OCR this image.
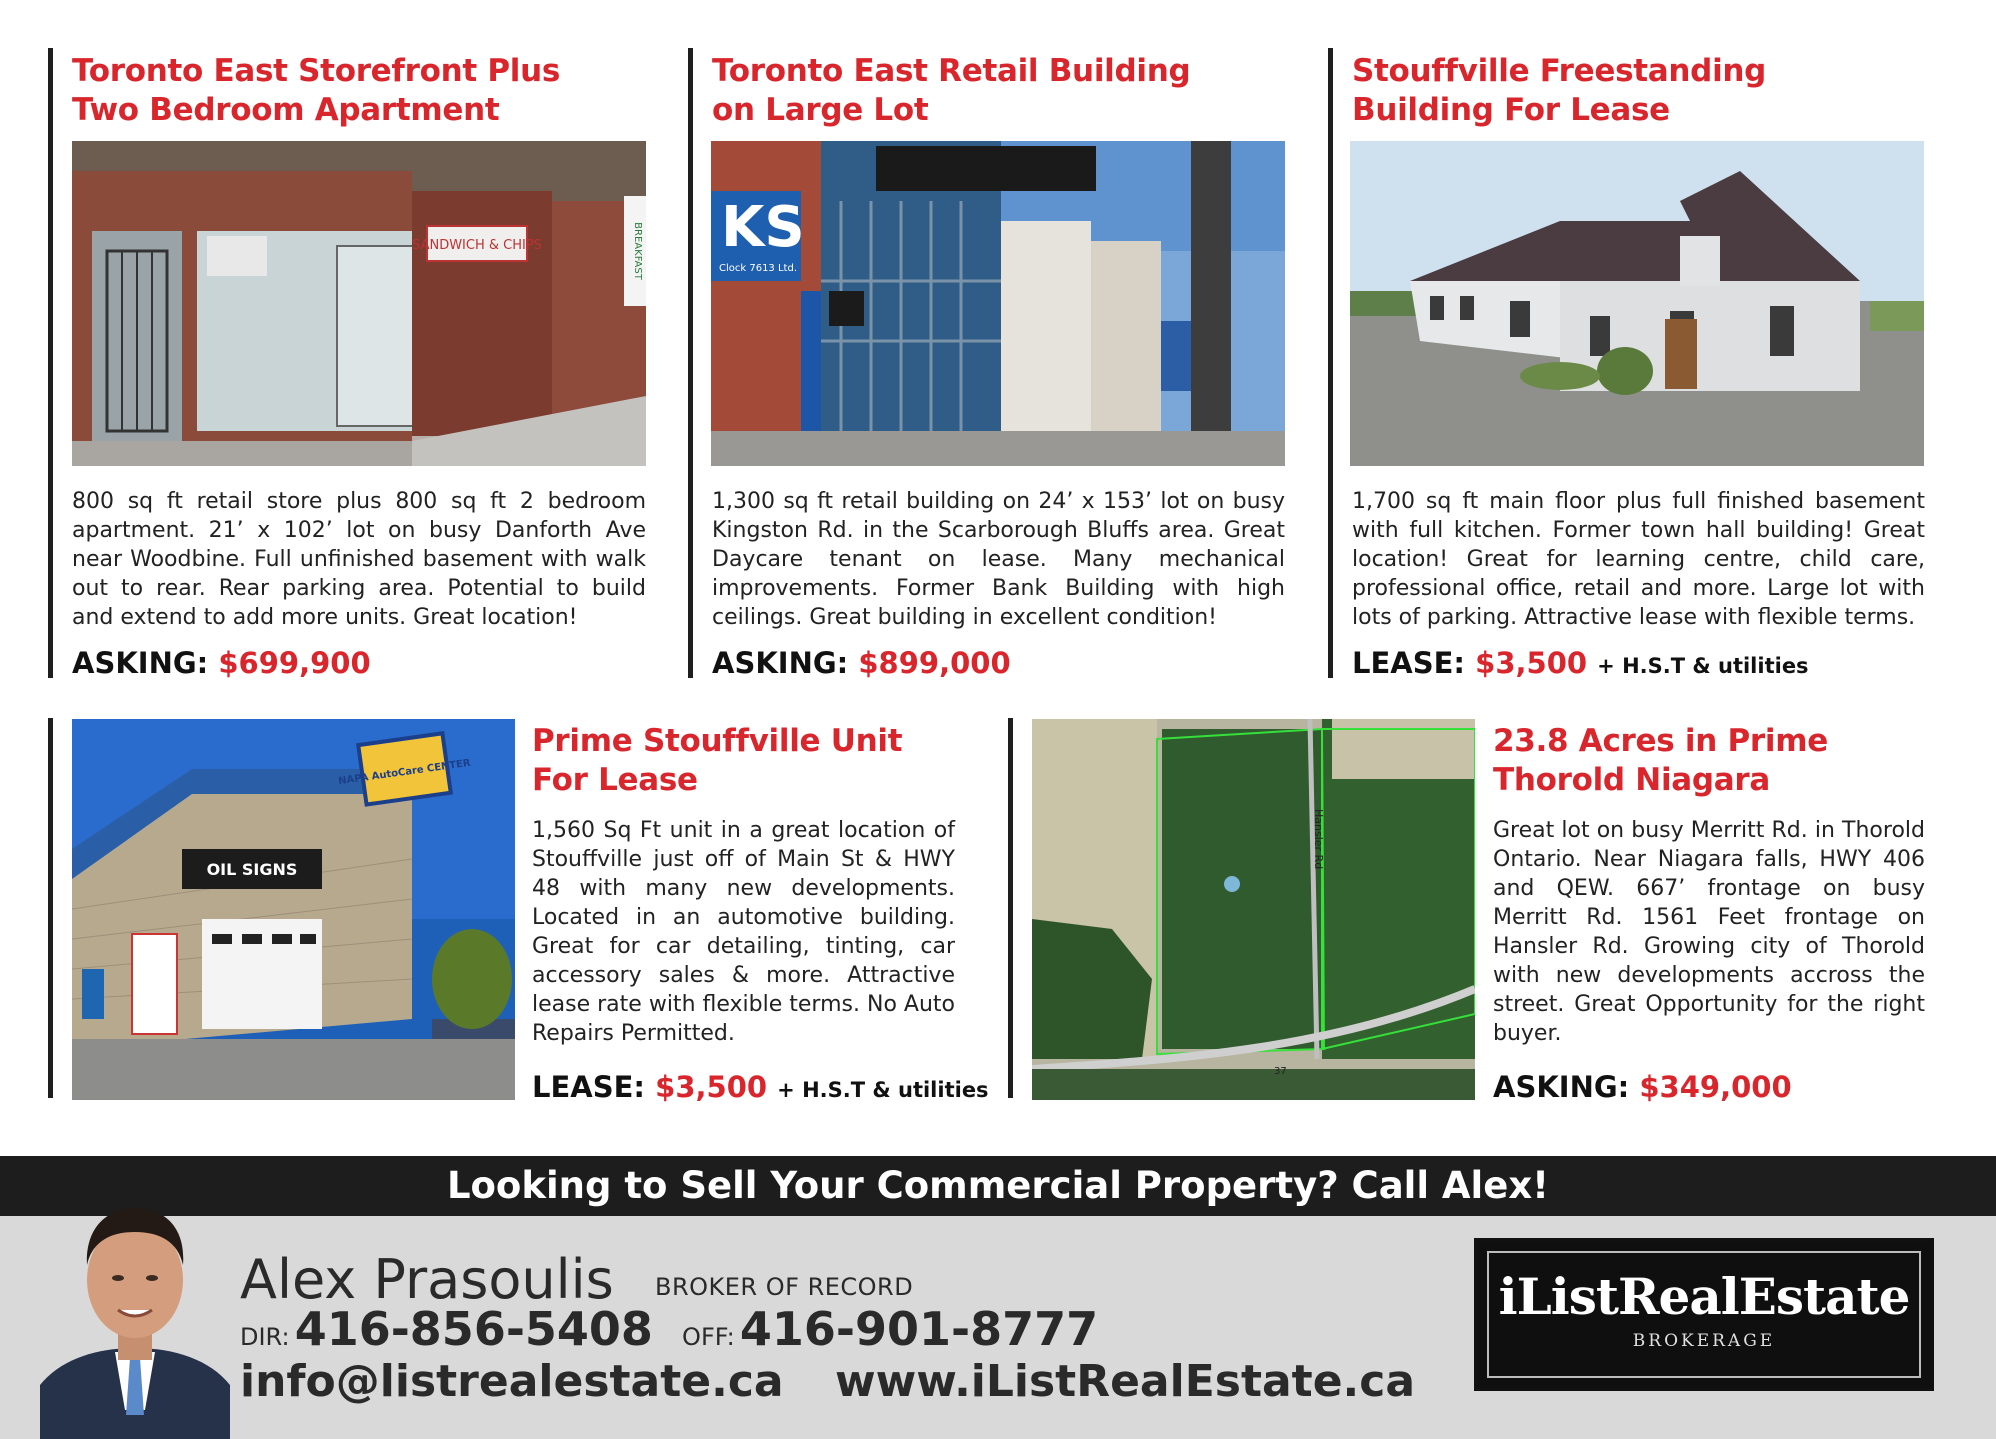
Toronto East Storefront Plus
Two Bedroom Apartment
SANDWICH & CHIPS	BREAKFAST

800 sq ft retail store plus 800 sq ft 2 bedroom apartment. 21’ x 102’ lot on busy Danforth Ave near Woodbine. Full unfinished basement with walk out to rear. Rear parking area. Potential to build and extend to add more units. Great location!

ASKING: $699,900
Toronto East Retail Building
on Large Lot
KS
Clock 7613 Ltd.

1,300 sq ft retail building on 24’ x 153’ lot on busy Kingston Rd. in the Scarborough Bluffs area. Great Daycare tenant on lease. Many mechanical improvements. Former Bank Building with high ceilings. Great building in excellent condition!

ASKING: $899,000
Stouffville Freestanding
Building For Lease

1,700 sq ft main floor plus full finished basement with full kitchen. Former town hall building! Great location! Great for learning centre, child care, professional office, retail and more. Large lot with lots of parking. Attractive lease with flexible terms.

LEASE: $3,500 + H.S.T & utilities
NAPA AutoCare CENTER
OIL SIGNS
Prime Stouffville Unit
For Lease

1,560 Sq Ft unit in a great location of Stouffville just off of Main St & HWY 48 with many new developments. Located in an automotive building. Great for car detailing, tinting, car accessory sales & more. Attractive lease rate with flexible terms. No Auto Repairs Permitted.

LEASE: $3,500 + H.S.T & utilities
Hansler Rd
37
23.8 Acres in Prime
Thorold Niagara

Great lot on busy Merritt Rd. in Thorold Ontario. Near Niagara falls, HWY 406 and QEW. 667’ frontage on busy Merritt Rd. 1561 Feet frontage on Hansler Rd. Growing city of Thorold with new developments accross the street. Great Opportunity for the right buyer.

ASKING: $349,000
Looking to Sell Your Commercial Property? Call Alex!
Alex Prasoulis BROKER OF RECORD
DIR: 416-856-5408 OFF: 416-901-8777
info@listrealestate.ca www.iListRealEstate.ca
iListRealEstate
BROKERAGE
